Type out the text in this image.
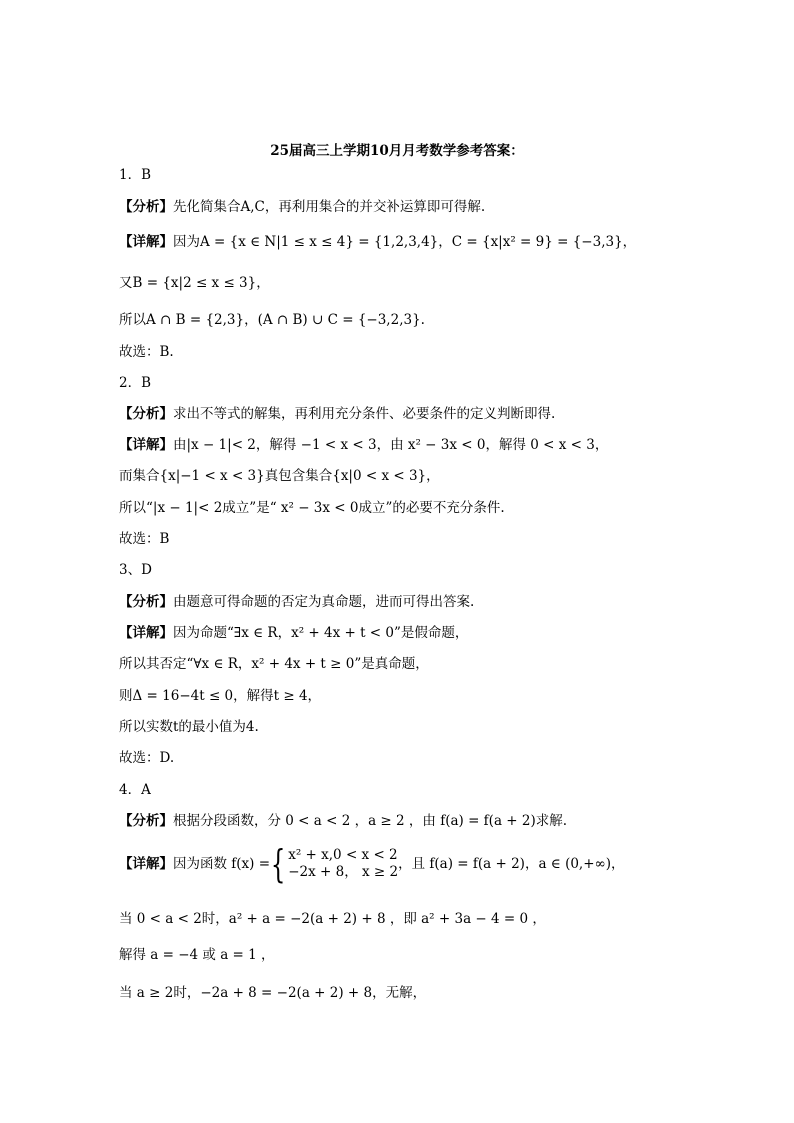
25届高三上学期10月月考数学参考答案：
1．B
【分析】先化简集合A,C，再利用集合的并交补运算即可得解.
【详解】因为A = {x ∈ N|1 ≤ x ≤ 4} = {1,2,3,4}，C = {x|x² = 9} = {−3,3}，
又B = {x|2 ≤ x ≤ 3}，
所以A ∩ B = {2,3}，(A ∩ B) ∪ C = {−3,2,3}.
故选：B.
2．B
【分析】求出不等式的解集，再利用充分条件、必要条件的定义判断即得.
【详解】由|x − 1|< 2，解得 −1 < x < 3，由 x² − 3x < 0，解得 0 < x < 3，
而集合{x|−1 < x < 3}真包含集合{x|0 < x < 3}，
所以“|x − 1|< 2成立”是“ x² − 3x < 0成立”的必要不充分条件.
故选：B
3、D
【分析】由题意可得命题的否定为真命题，进而可得出答案.
【详解】因为命题“∃x ∈ R，x² + 4x + t < 0”是假命题，
所以其否定“∀x ∈ R，x² + 4x + t ≥ 0”是真命题，
则Δ = 16−4t ≤ 0，解得t ≥ 4，
所以实数t的最小值为4.
故选：D.
4．A
【分析】根据分段函数，分 0 < a < 2 ，a ≥ 2 ，由 f(a) = f(a + 2)求解.
【详解】 因为函数 f(x) = { x² + x,0 < x < 2
−2x + 8， x ≥ 2 ，且 f(a) = f(a + 2)，a ∈ (0,+∞)，
当 0 < a < 2时，a² + a = −2(a + 2) + 8 ，即 a² + 3a − 4 = 0 ，
解得 a = −4 或 a = 1 ，
当 a ≥ 2时，−2a + 8 = −2(a + 2) + 8，无解，
